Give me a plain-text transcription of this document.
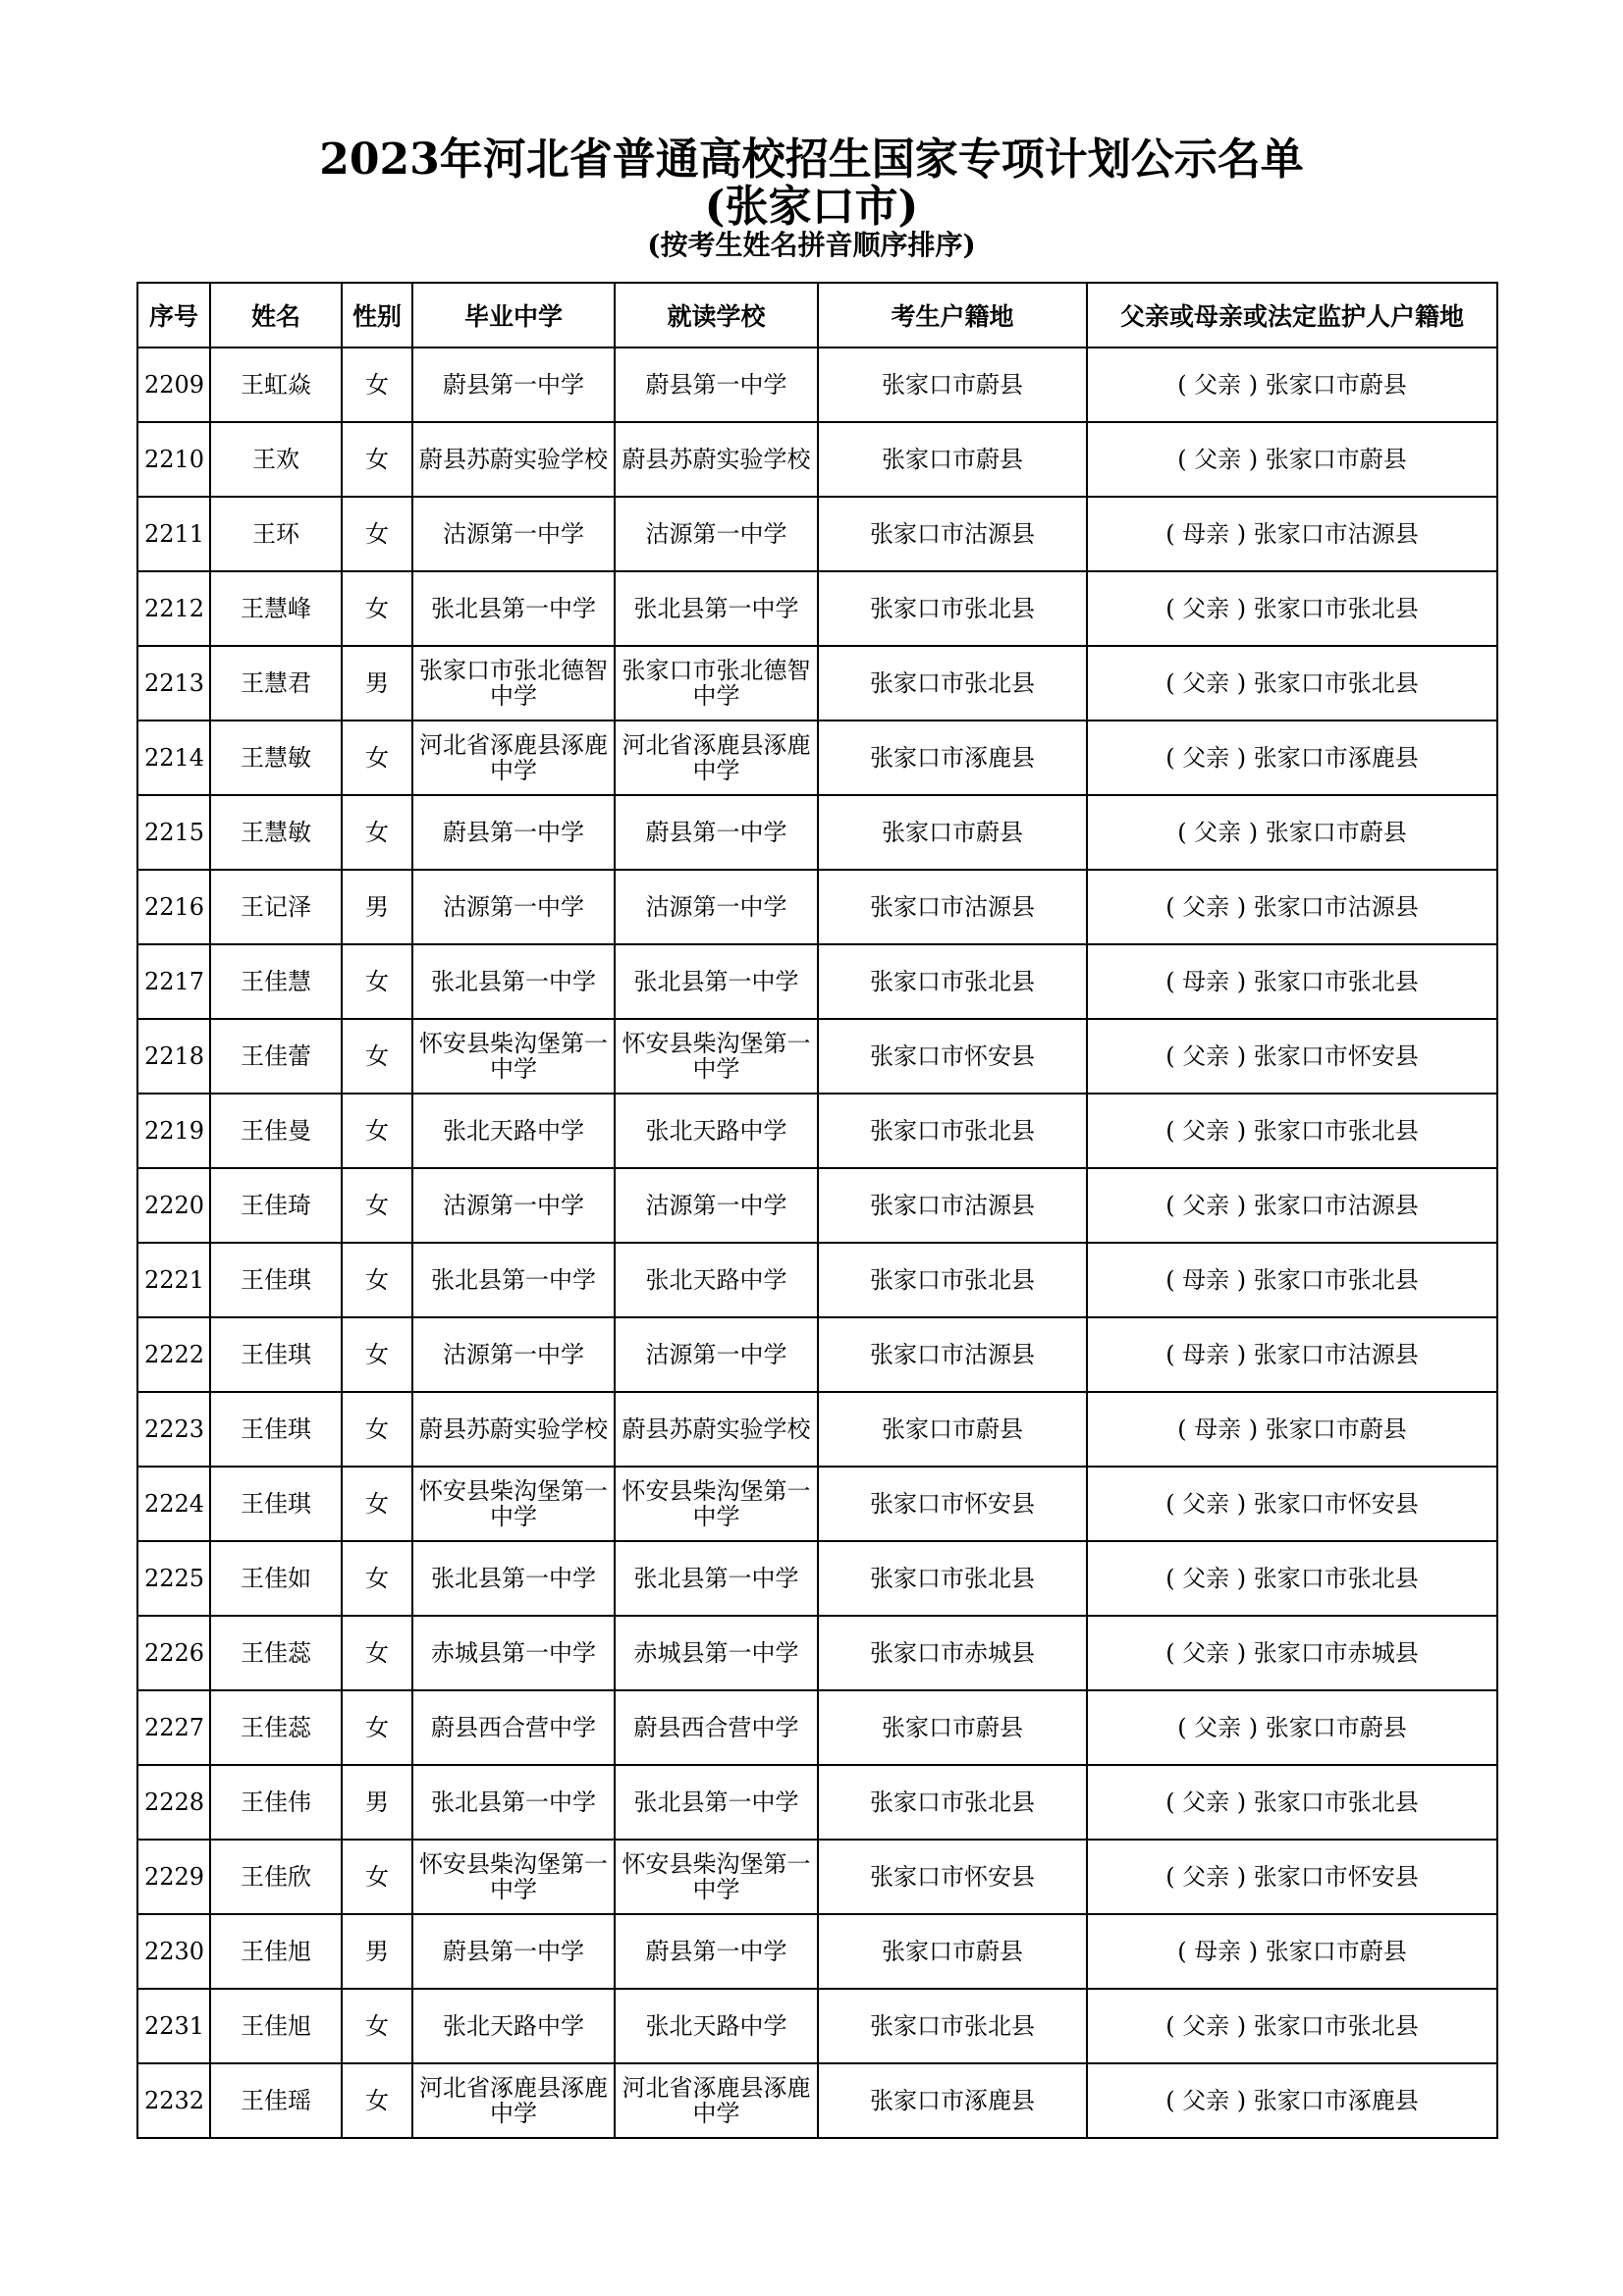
2023年河北省普通高校招生国家专项计划公示名单
(张家口市)
(按考生姓名拼音顺序排序)
序号	姓名	性别	毕业中学	就读学校	考生户籍地	父亲或母亲或法定监护人户籍地
2209	王虹焱	女	蔚县第一中学	蔚县第一中学	张家口市蔚县	( 父亲 ) 张家口市蔚县
2210	王欢	女	蔚县苏蔚实验学校	蔚县苏蔚实验学校	张家口市蔚县	( 父亲 ) 张家口市蔚县
2211	王环	女	沽源第一中学	沽源第一中学	张家口市沽源县	( 母亲 ) 张家口市沽源县
2212	王慧峰	女	张北县第一中学	张北县第一中学	张家口市张北县	( 父亲 ) 张家口市张北县
2213	王慧君	男	张家口市张北德智中学	张家口市张北德智中学	张家口市张北县	( 父亲 ) 张家口市张北县
2214	王慧敏	女	河北省涿鹿县涿鹿中学	河北省涿鹿县涿鹿中学	张家口市涿鹿县	( 父亲 ) 张家口市涿鹿县
2215	王慧敏	女	蔚县第一中学	蔚县第一中学	张家口市蔚县	( 父亲 ) 张家口市蔚县
2216	王记泽	男	沽源第一中学	沽源第一中学	张家口市沽源县	( 父亲 ) 张家口市沽源县
2217	王佳慧	女	张北县第一中学	张北县第一中学	张家口市张北县	( 母亲 ) 张家口市张北县
2218	王佳蕾	女	怀安县柴沟堡第一中学	怀安县柴沟堡第一中学	张家口市怀安县	( 父亲 ) 张家口市怀安县
2219	王佳曼	女	张北天路中学	张北天路中学	张家口市张北县	( 父亲 ) 张家口市张北县
2220	王佳琦	女	沽源第一中学	沽源第一中学	张家口市沽源县	( 父亲 ) 张家口市沽源县
2221	王佳琪	女	张北县第一中学	张北天路中学	张家口市张北县	( 母亲 ) 张家口市张北县
2222	王佳琪	女	沽源第一中学	沽源第一中学	张家口市沽源县	( 母亲 ) 张家口市沽源县
2223	王佳琪	女	蔚县苏蔚实验学校	蔚县苏蔚实验学校	张家口市蔚县	( 母亲 ) 张家口市蔚县
2224	王佳琪	女	怀安县柴沟堡第一中学	怀安县柴沟堡第一中学	张家口市怀安县	( 父亲 ) 张家口市怀安县
2225	王佳如	女	张北县第一中学	张北县第一中学	张家口市张北县	( 父亲 ) 张家口市张北县
2226	王佳蕊	女	赤城县第一中学	赤城县第一中学	张家口市赤城县	( 父亲 ) 张家口市赤城县
2227	王佳蕊	女	蔚县西合营中学	蔚县西合营中学	张家口市蔚县	( 父亲 ) 张家口市蔚县
2228	王佳伟	男	张北县第一中学	张北县第一中学	张家口市张北县	( 父亲 ) 张家口市张北县
2229	王佳欣	女	怀安县柴沟堡第一中学	怀安县柴沟堡第一中学	张家口市怀安县	( 父亲 ) 张家口市怀安县
2230	王佳旭	男	蔚县第一中学	蔚县第一中学	张家口市蔚县	( 母亲 ) 张家口市蔚县
2231	王佳旭	女	张北天路中学	张北天路中学	张家口市张北县	( 父亲 ) 张家口市张北县
2232	王佳瑶	女	河北省涿鹿县涿鹿中学	河北省涿鹿县涿鹿中学	张家口市涿鹿县	( 父亲 ) 张家口市涿鹿县
